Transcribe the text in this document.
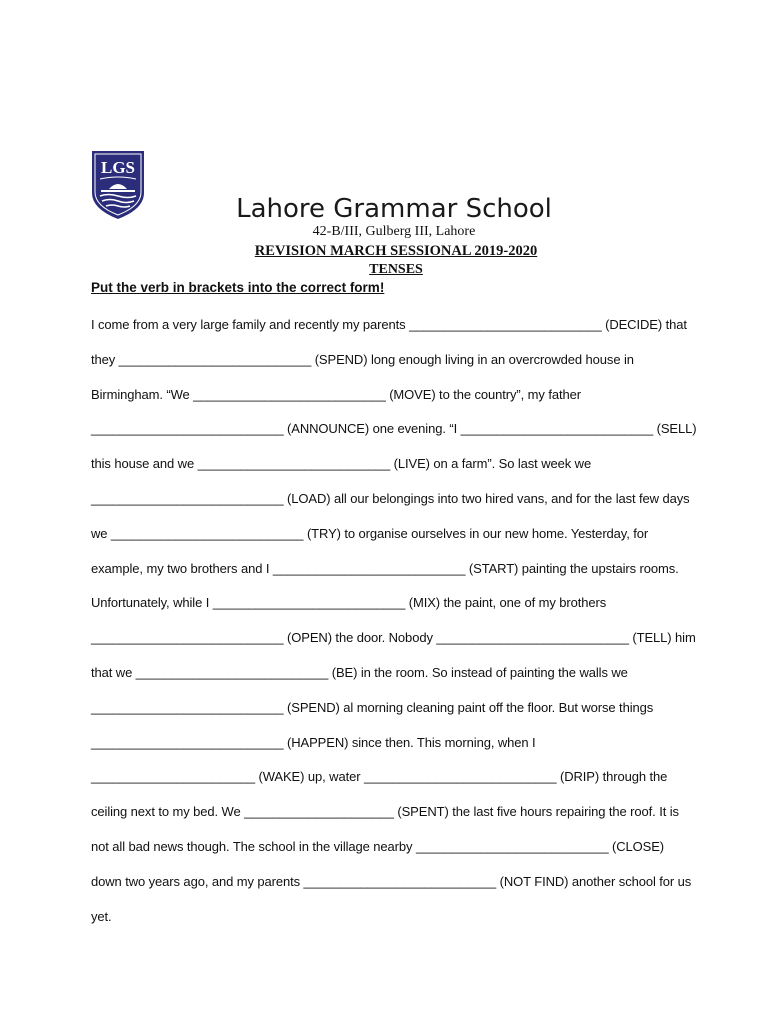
LGS
Lahore Grammar School
42-B/III, Gulberg III, Lahore
REVISION MARCH SESSIONAL 2019-2020
TENSES
Put the verb in brackets into the correct form!
I come from a very large family and recently my parents ___________________________ (DECIDE) that
they ___________________________ (SPEND) long enough living in an overcrowded house in
Birmingham. “We ___________________________ (MOVE) to the country”, my father
___________________________ (ANNOUNCE) one evening. “I ___________________________ (SELL)
this house and we ___________________________ (LIVE) on a farm”. So last week we
___________________________ (LOAD) all our belongings into two hired vans, and for the last few days
we ___________________________ (TRY) to organise ourselves in our new home. Yesterday, for
example, my two brothers and I ___________________________ (START) painting the upstairs rooms.
Unfortunately, while I ___________________________ (MIX) the paint, one of my brothers
___________________________ (OPEN) the door. Nobody ___________________________ (TELL) him
that we ___________________________ (BE) in the room. So instead of painting the walls we
___________________________ (SPEND) al morning cleaning paint off the floor. But worse things
___________________________ (HAPPEN) since then. This morning, when I
_______________________ (WAKE) up, water ___________________________ (DRIP) through the
ceiling next to my bed. We _____________________ (SPENT) the last five hours repairing the roof. It is
not all bad news though. The school in the village nearby ___________________________ (CLOSE)
down two years ago, and my parents ___________________________ (NOT FIND) another school for us
yet.
